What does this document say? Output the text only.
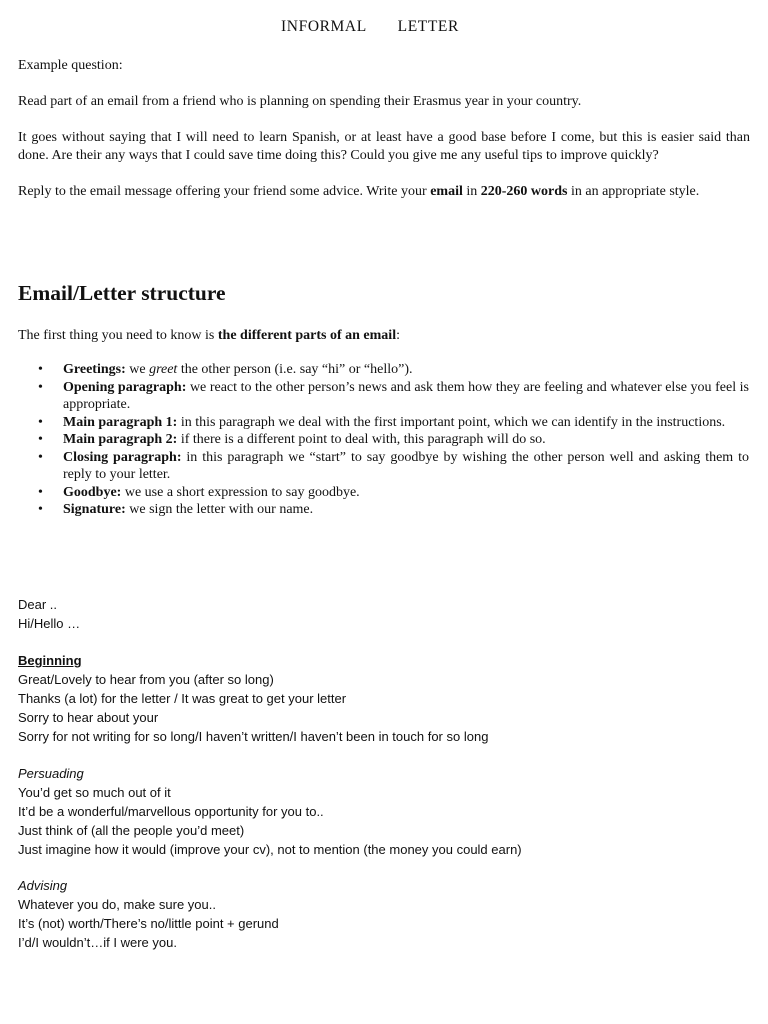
INFORMAL   LETTER
Example question:
Read part of an email from a friend who is planning on spending their Erasmus year in your country.
It goes without saying that I will need to learn Spanish, or at least have a good base before I come, but this is easier said than done. Are their any ways that I could save time doing this? Could you give me any useful tips to improve quickly?
Reply to the email message offering your friend some advice. Write your email in 220-260 words in an appropriate style.
Email/Letter structure
The first thing you need to know is the different parts of an email:
• Greetings: we greet the other person (i.e. say “hi” or “hello”).
• Opening paragraph: we react to the other person’s news and ask them how they are feeling and whatever else you feel is appropriate.
• Main paragraph 1: in this paragraph we deal with the first important point, which we can identify in the instructions.
• Main paragraph 2: if there is a different point to deal with, this paragraph will do so.
• Closing paragraph: in this paragraph we “start” to say goodbye by wishing the other person well and asking them to reply to your letter.
• Goodbye: we use a short expression to say goodbye.
• Signature: we sign the letter with our name.
Dear ..
Hi/Hello …
Beginning
Great/Lovely to hear from you (after so long)
Thanks (a lot) for the letter / It was great to get your letter
Sorry to hear about your
Sorry for not writing for so long/I haven’t written/I haven’t been in touch for so long
Persuading
You’d get so much out of it
It’d be a wonderful/marvellous opportunity for you to..
Just think of (all the people you’d meet)
Just imagine how it would (improve your cv), not to mention (the money you could earn)
Advising
Whatever you do, make sure you..
It’s (not) worth/There’s no/little point + gerund
I’d/I wouldn’t…if I were you.
